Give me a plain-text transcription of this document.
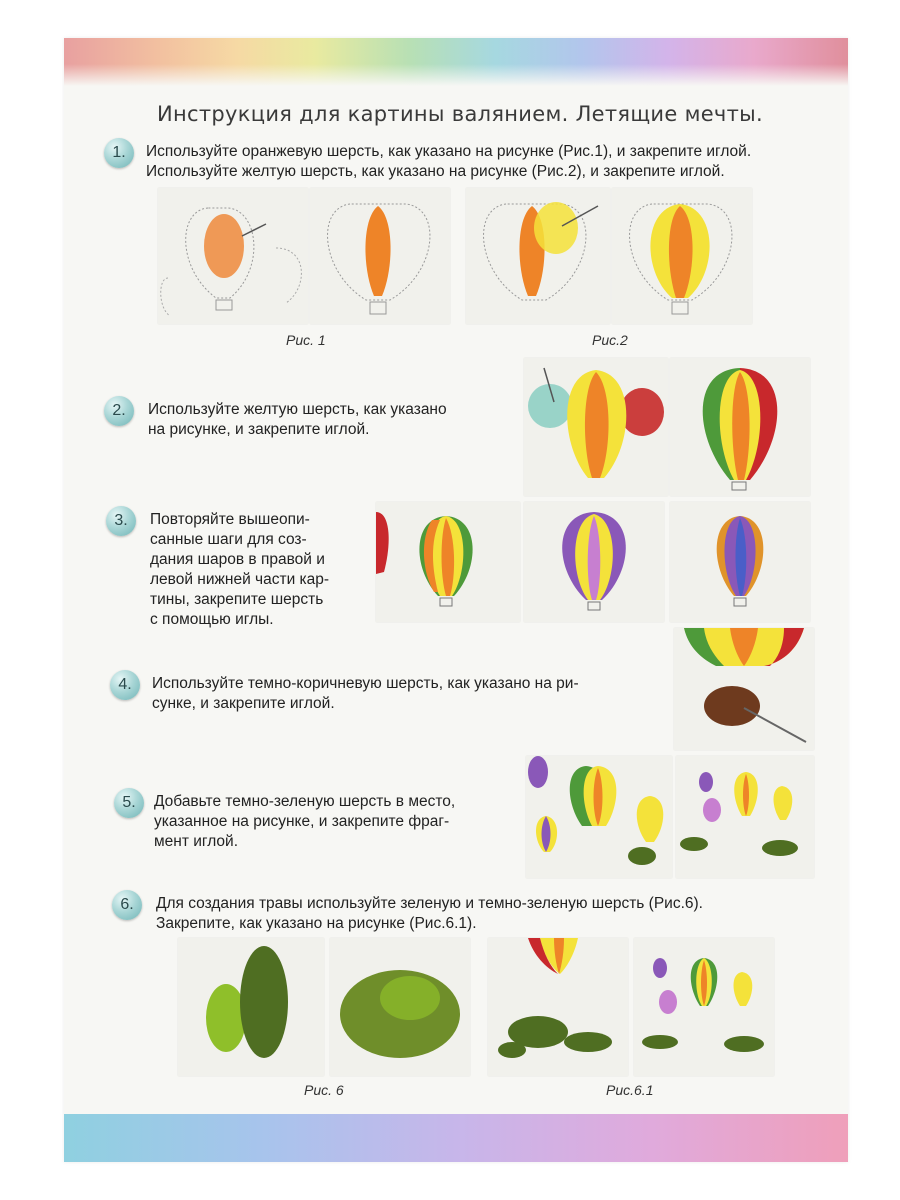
Инструкция для картины валянием. Летящие мечты.
1.	Используйте оранжевую шерсть, как указано на рисунке (Рис.1), и закрепите иглой.
Используйте желтую шерсть, как указано на рисунке (Рис.2), и закрепите иглой.
Рис. 1	Рис.2
2.	Используйте желтую шерсть, как указано
на рисунке, и закрепите иглой.
3.	Повторяйте вышеопи-
санные шаги для соз-
дания шаров в правой и
левой нижней части кар-
тины, закрепите шерсть
с помощью иглы.
4.	Используйте темно-коричневую шерсть, как указано на ри-
сунке, и закрепите иглой.
5.	Добавьте темно-зеленую шерсть в место,
указанное на рисунке, и закрепите фраг-
мент иглой.
6.	Для создания травы используйте зеленую и темно-зеленую шерсть (Рис.6).
Закрепите, как указано на рисунке (Рис.6.1).
Рис. 6	Рис.6.1
